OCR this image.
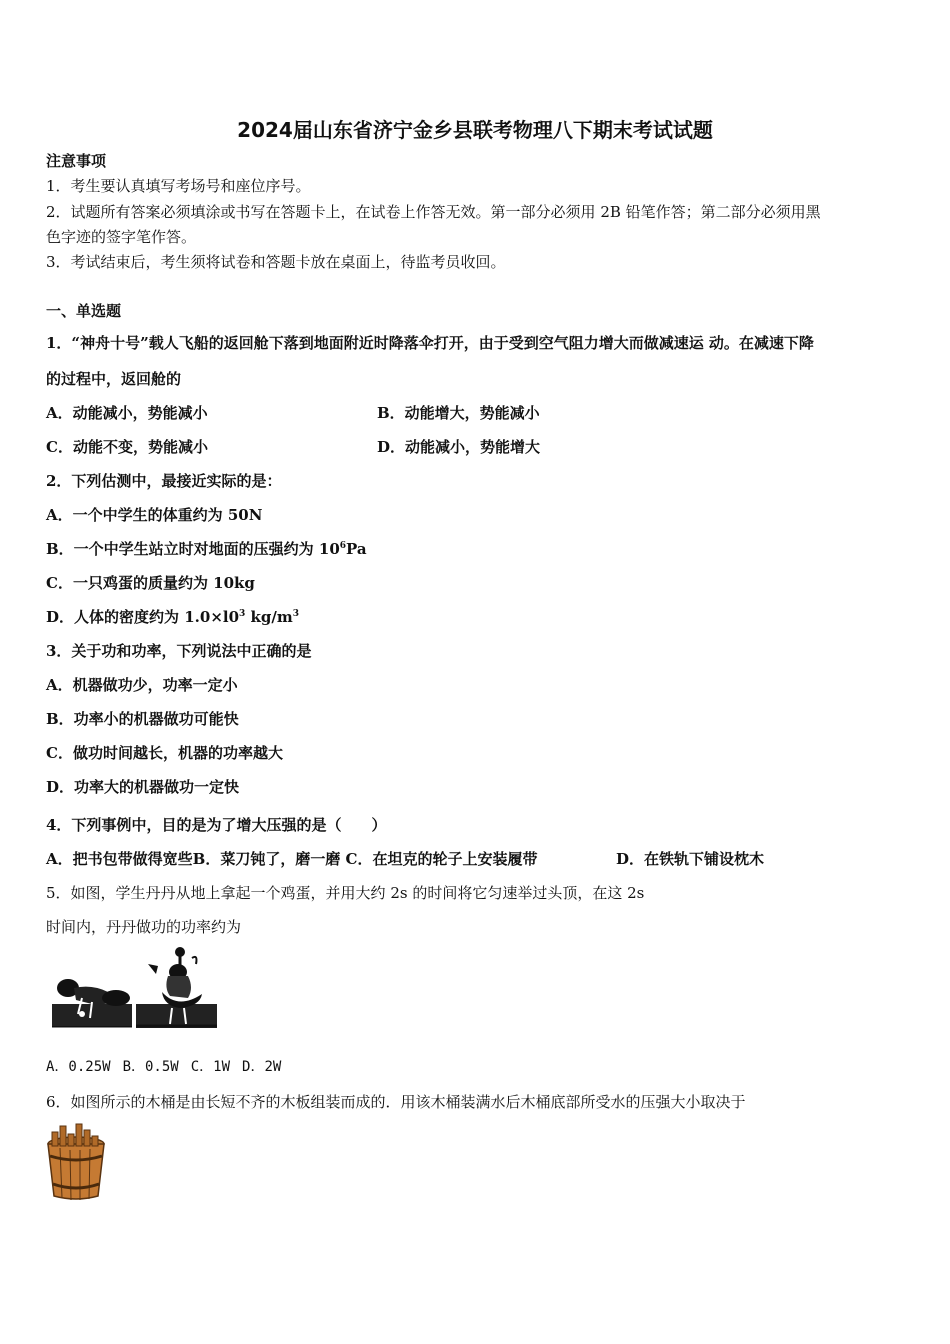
2024届山东省济宁金乡县联考物理八下期末考试试题
注意事项
1．考生要认真填写考场号和座位序号。
2．试题所有答案必须填涂或书写在答题卡上，在试卷上作答无效。第一部分必须用 2B 铅笔作答；第二部分必须用黑
色字迹的签字笔作答。
3．考试结束后，考生须将试卷和答题卡放在桌面上，待监考员收回。
一、单选题
1．“神舟十号”载人飞船的返回舱下落到地面附近时降落伞打开，由于受到空气阻力增大而做减速运 动。在减速下降
的过程中，返回舱的
A．动能减小，势能减小	B．动能增大，势能减小
C．动能不变，势能减小	D．动能减小，势能增大
2．下列估测中，最接近实际的是：
A．一个中学生的体重约为 50N
B．一个中学生站立时对地面的压强约为 $10^6Pa$
C．一只鸡蛋的质量约为 10kg
D．人体的密度约为 $1.0\times l0^3$ $kg/m^3$
3．关于功和功率，下列说法中正确的是
A．机器做功少，功率一定小
B．功率小的机器做功可能快
C．做功时间越长，机器的功率越大
D．功率大的机器做功一定快
4．下列事例中，目的是为了增大压强的是（ ）
A．把书包带做得宽些B．菜刀钝了，磨一磨 C．在坦克的轮子上安装履带	D．在铁轨下铺设枕木
5．如图，学生丹丹从地上拿起一个鸡蛋，并用大约 2s 的时间将它匀速举过头顶，在这 2s
时间内，丹丹做功的功率约为
A．0.25W B．0.5W C．1W D．2W
6．如图所示的木桶是由长短不齐的木板组装而成的．用该木桶装满水后木桶底部所受水的压强大小取决于
